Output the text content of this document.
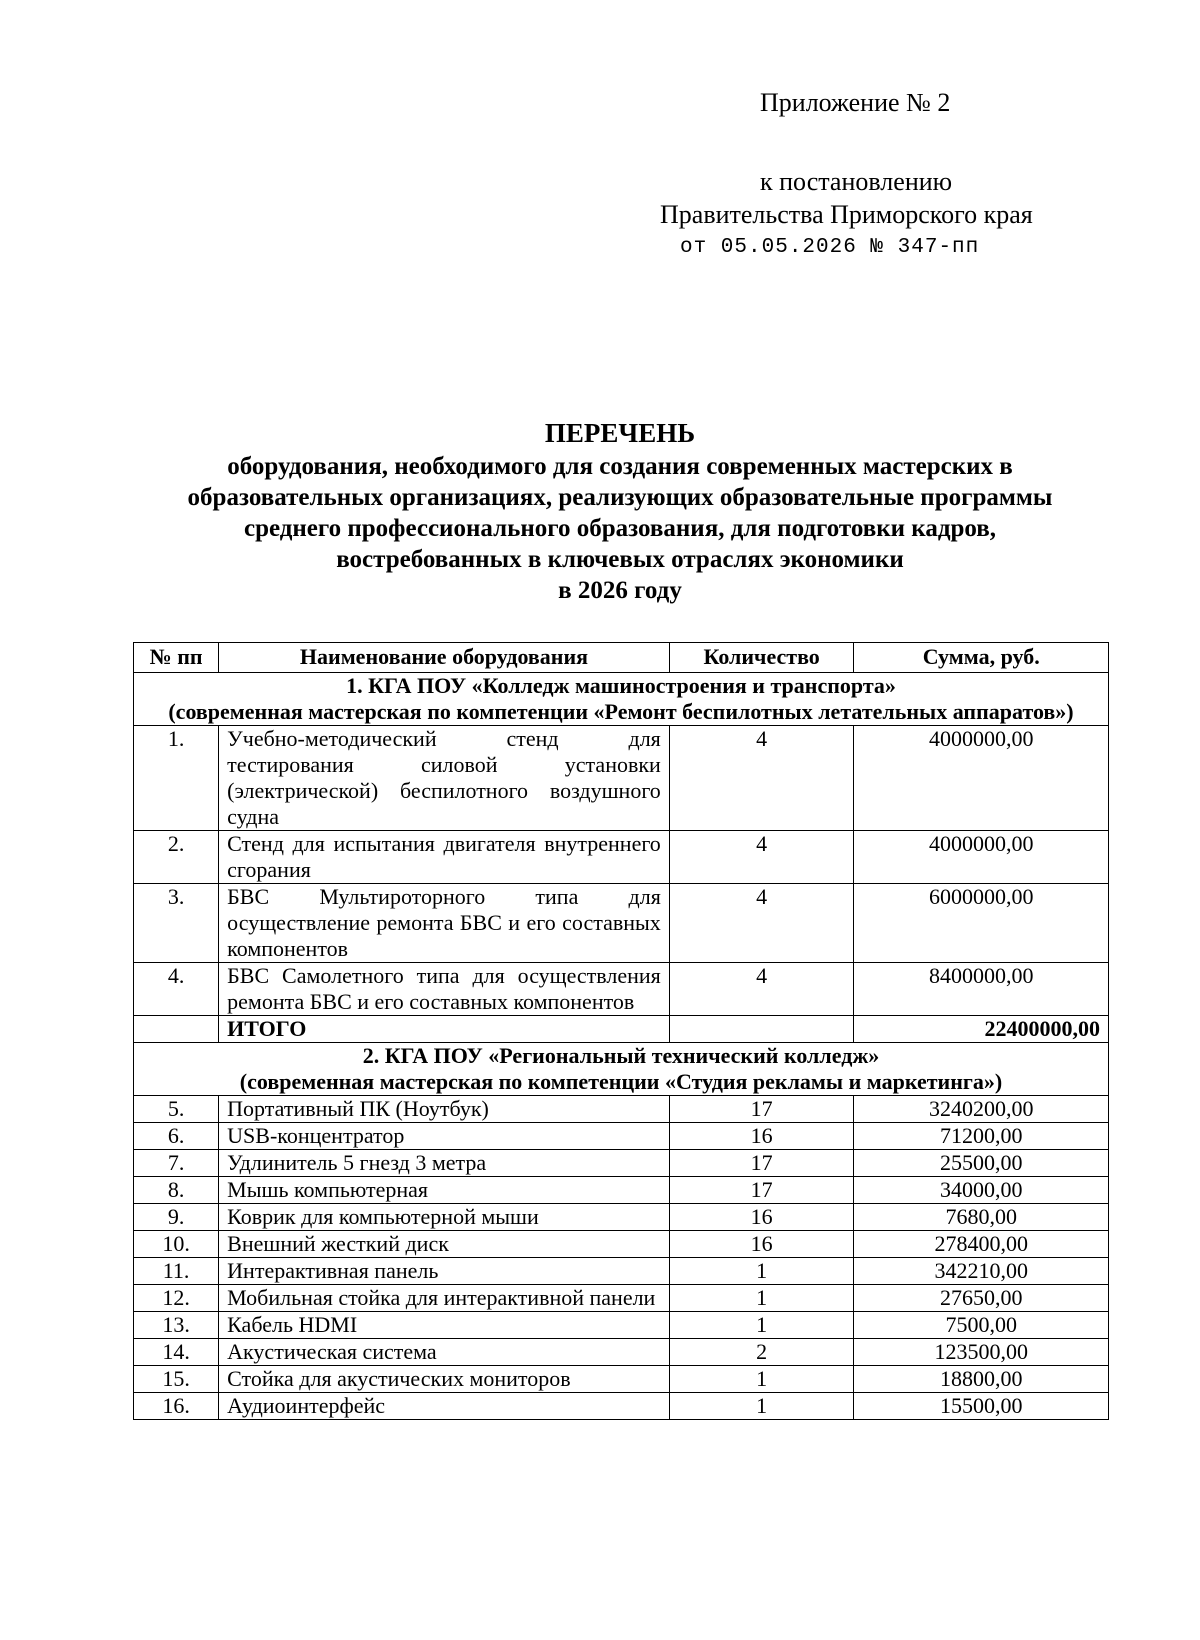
Приложение № 2
к постановлению
Правительства Приморского края
от 05.05.2026 № 347-пп
ПЕРЕЧЕНЬ
оборудования, необходимого для создания современных мастерских в
образовательных организациях, реализующих образовательные программы
среднего профессионального образования, для подготовки кадров,
востребованных в ключевых отраслях экономики
в 2026 году
№ пп	Наименование оборудования	Количество	Сумма, руб.

1. КГА ПОУ «Колледж машиностроения и транспорта»
(современная мастерская по компетенции «Ремонт беспилотных летательных аппаратов»)			

1.	Учебно-методический стенд для тестирования силовой установки (электрической) беспилотного воздушного судна	4	4000000,00
2.	Стенд для испытания двигателя внутреннего сгорания	4	4000000,00
3.	БВС Мультироторного типа для осуществление ремонта БВС и его составных компонентов	4	6000000,00
4.	БВС Самолетного типа для осуществления ремонта БВС и его составных компонентов	4	8400000,00
	ИТОГО		22400000,00

2. КГА ПОУ «Региональный технический колледж»
(современная мастерская по компетенции «Студия рекламы и маркетинга»)			

5.	Портативный ПК (Ноутбук)	17	3240200,00
6.	USB-концентратор	16	71200,00
7.	Удлинитель 5 гнезд 3 метра	17	25500,00
8.	Мышь компьютерная	17	34000,00
9.	Коврик для компьютерной мыши	16	7680,00
10.	Внешний жесткий диск	16	278400,00
11.	Интерактивная панель	1	342210,00
12.	Мобильная стойка для интерактивной панели	1	27650,00
13.	Кабель HDMI	1	7500,00
14.	Акустическая система	2	123500,00
15.	Стойка для акустических мониторов	1	18800,00
16.	Аудиоинтерфейс	1	15500,00
